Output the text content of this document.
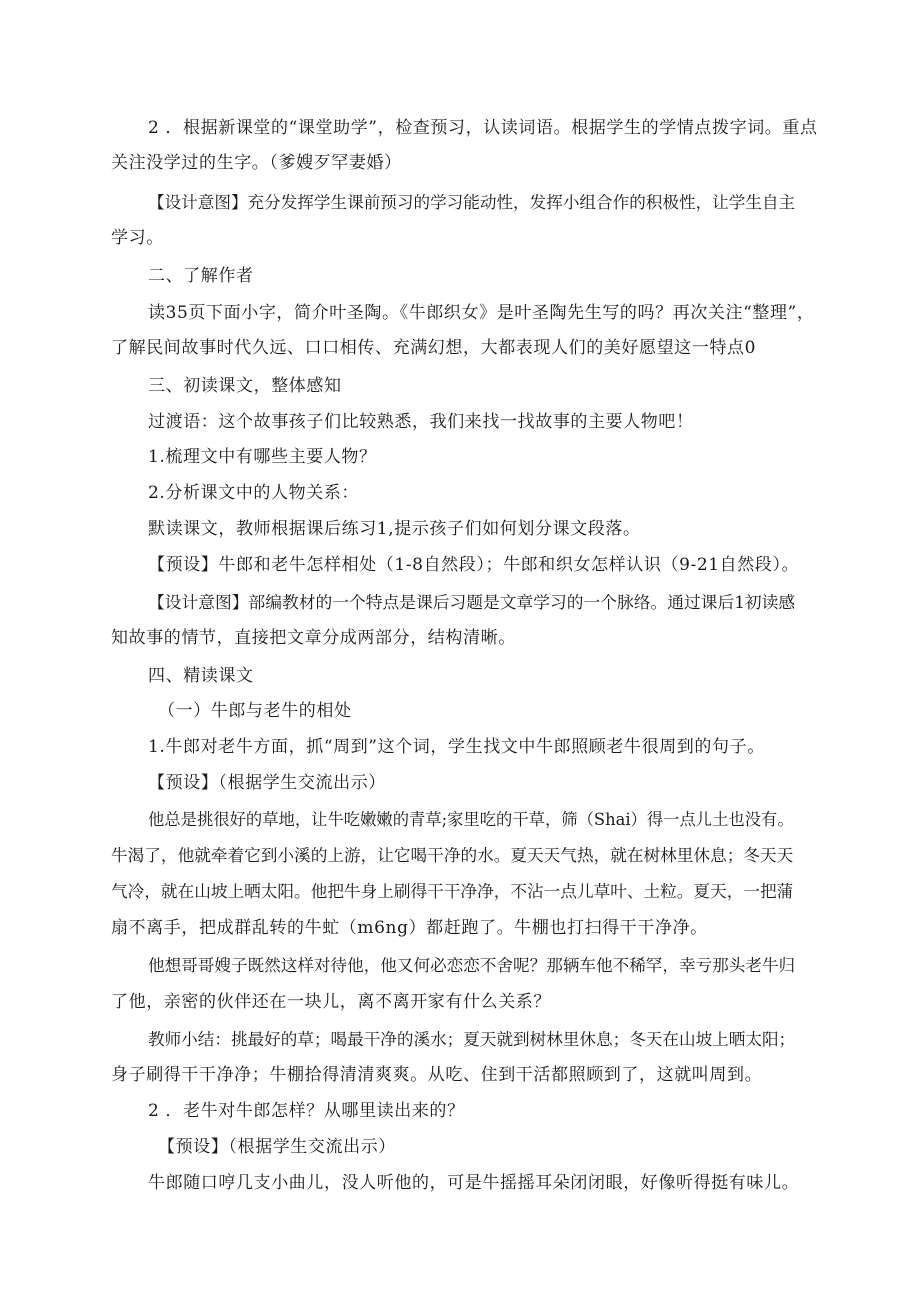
2 ．根据新课堂的“课堂助学”，检查预习，认读词语。根据学生的学情点拨字词。重点
关注没学过的生字。（爹嫂歹罕妻婚）
【设计意图】充分发挥学生课前预习的学习能动性，发挥小组合作的积极性，让学生自主
学习。
二、了解作者
读35页下面小字，简介叶圣陶。《牛郎织女》是叶圣陶先生写的吗？再次关注“整理”，
了解民间故事时代久远、口口相传、充满幻想，大都表现人们的美好愿望这一特点0
三、初读课文，整体感知
过渡语：这个故事孩子们比较熟悉，我们来找一找故事的主要人物吧！
1.梳理文中有哪些主要人物？
2.分析课文中的人物关系：
默读课文，教师根据课后练习1,提示孩子们如何划分课文段落。
【预设】牛郎和老牛怎样相处（1-8自然段）；牛郎和织女怎样认识（9-21自然段）。
【设计意图】部编教材的一个特点是课后习题是文章学习的一个脉络。通过课后1初读感
知故事的情节，直接把文章分成两部分，结构清晰。
四、精读课文
（一）牛郎与老牛的相处
1.牛郎对老牛方面，抓“周到”这个词，学生找文中牛郎照顾老牛很周到的句子。
【预设】（根据学生交流出示）
他总是挑很好的草地，让牛吃嫩嫩的青草;家里吃的干草，筛（Shai）得一点儿土也没有。
牛渴了，他就牵着它到小溪的上游，让它喝干净的水。夏天天气热，就在树林里休息；冬天天
气冷，就在山坡上晒太阳。他把牛身上刷得干干净净，不沾一点儿草叶、土粒。夏天，一把蒲
扇不离手，把成群乱转的牛虻（m6ng）都赶跑了。牛棚也打扫得干干净净。
他想哥哥嫂子既然这样对待他，他又何必恋恋不舍呢？那辆车他不稀罕，幸亏那头老牛归
了他，亲密的伙伴还在一块儿，离不离开家有什么关系？
教师小结：挑最好的草；喝最干净的溪水；夏天就到树林里休息；冬天在山坡上晒太阳；
身子刷得干干净净；牛棚拾得清清爽爽。从吃、住到干活都照顾到了，这就叫周到。
2 ．老牛对牛郎怎样？从哪里读出来的？
【预设】（根据学生交流出示）
牛郎随口哼几支小曲儿，没人听他的，可是牛摇摇耳朵闭闭眼，好像听得挺有味儿。
